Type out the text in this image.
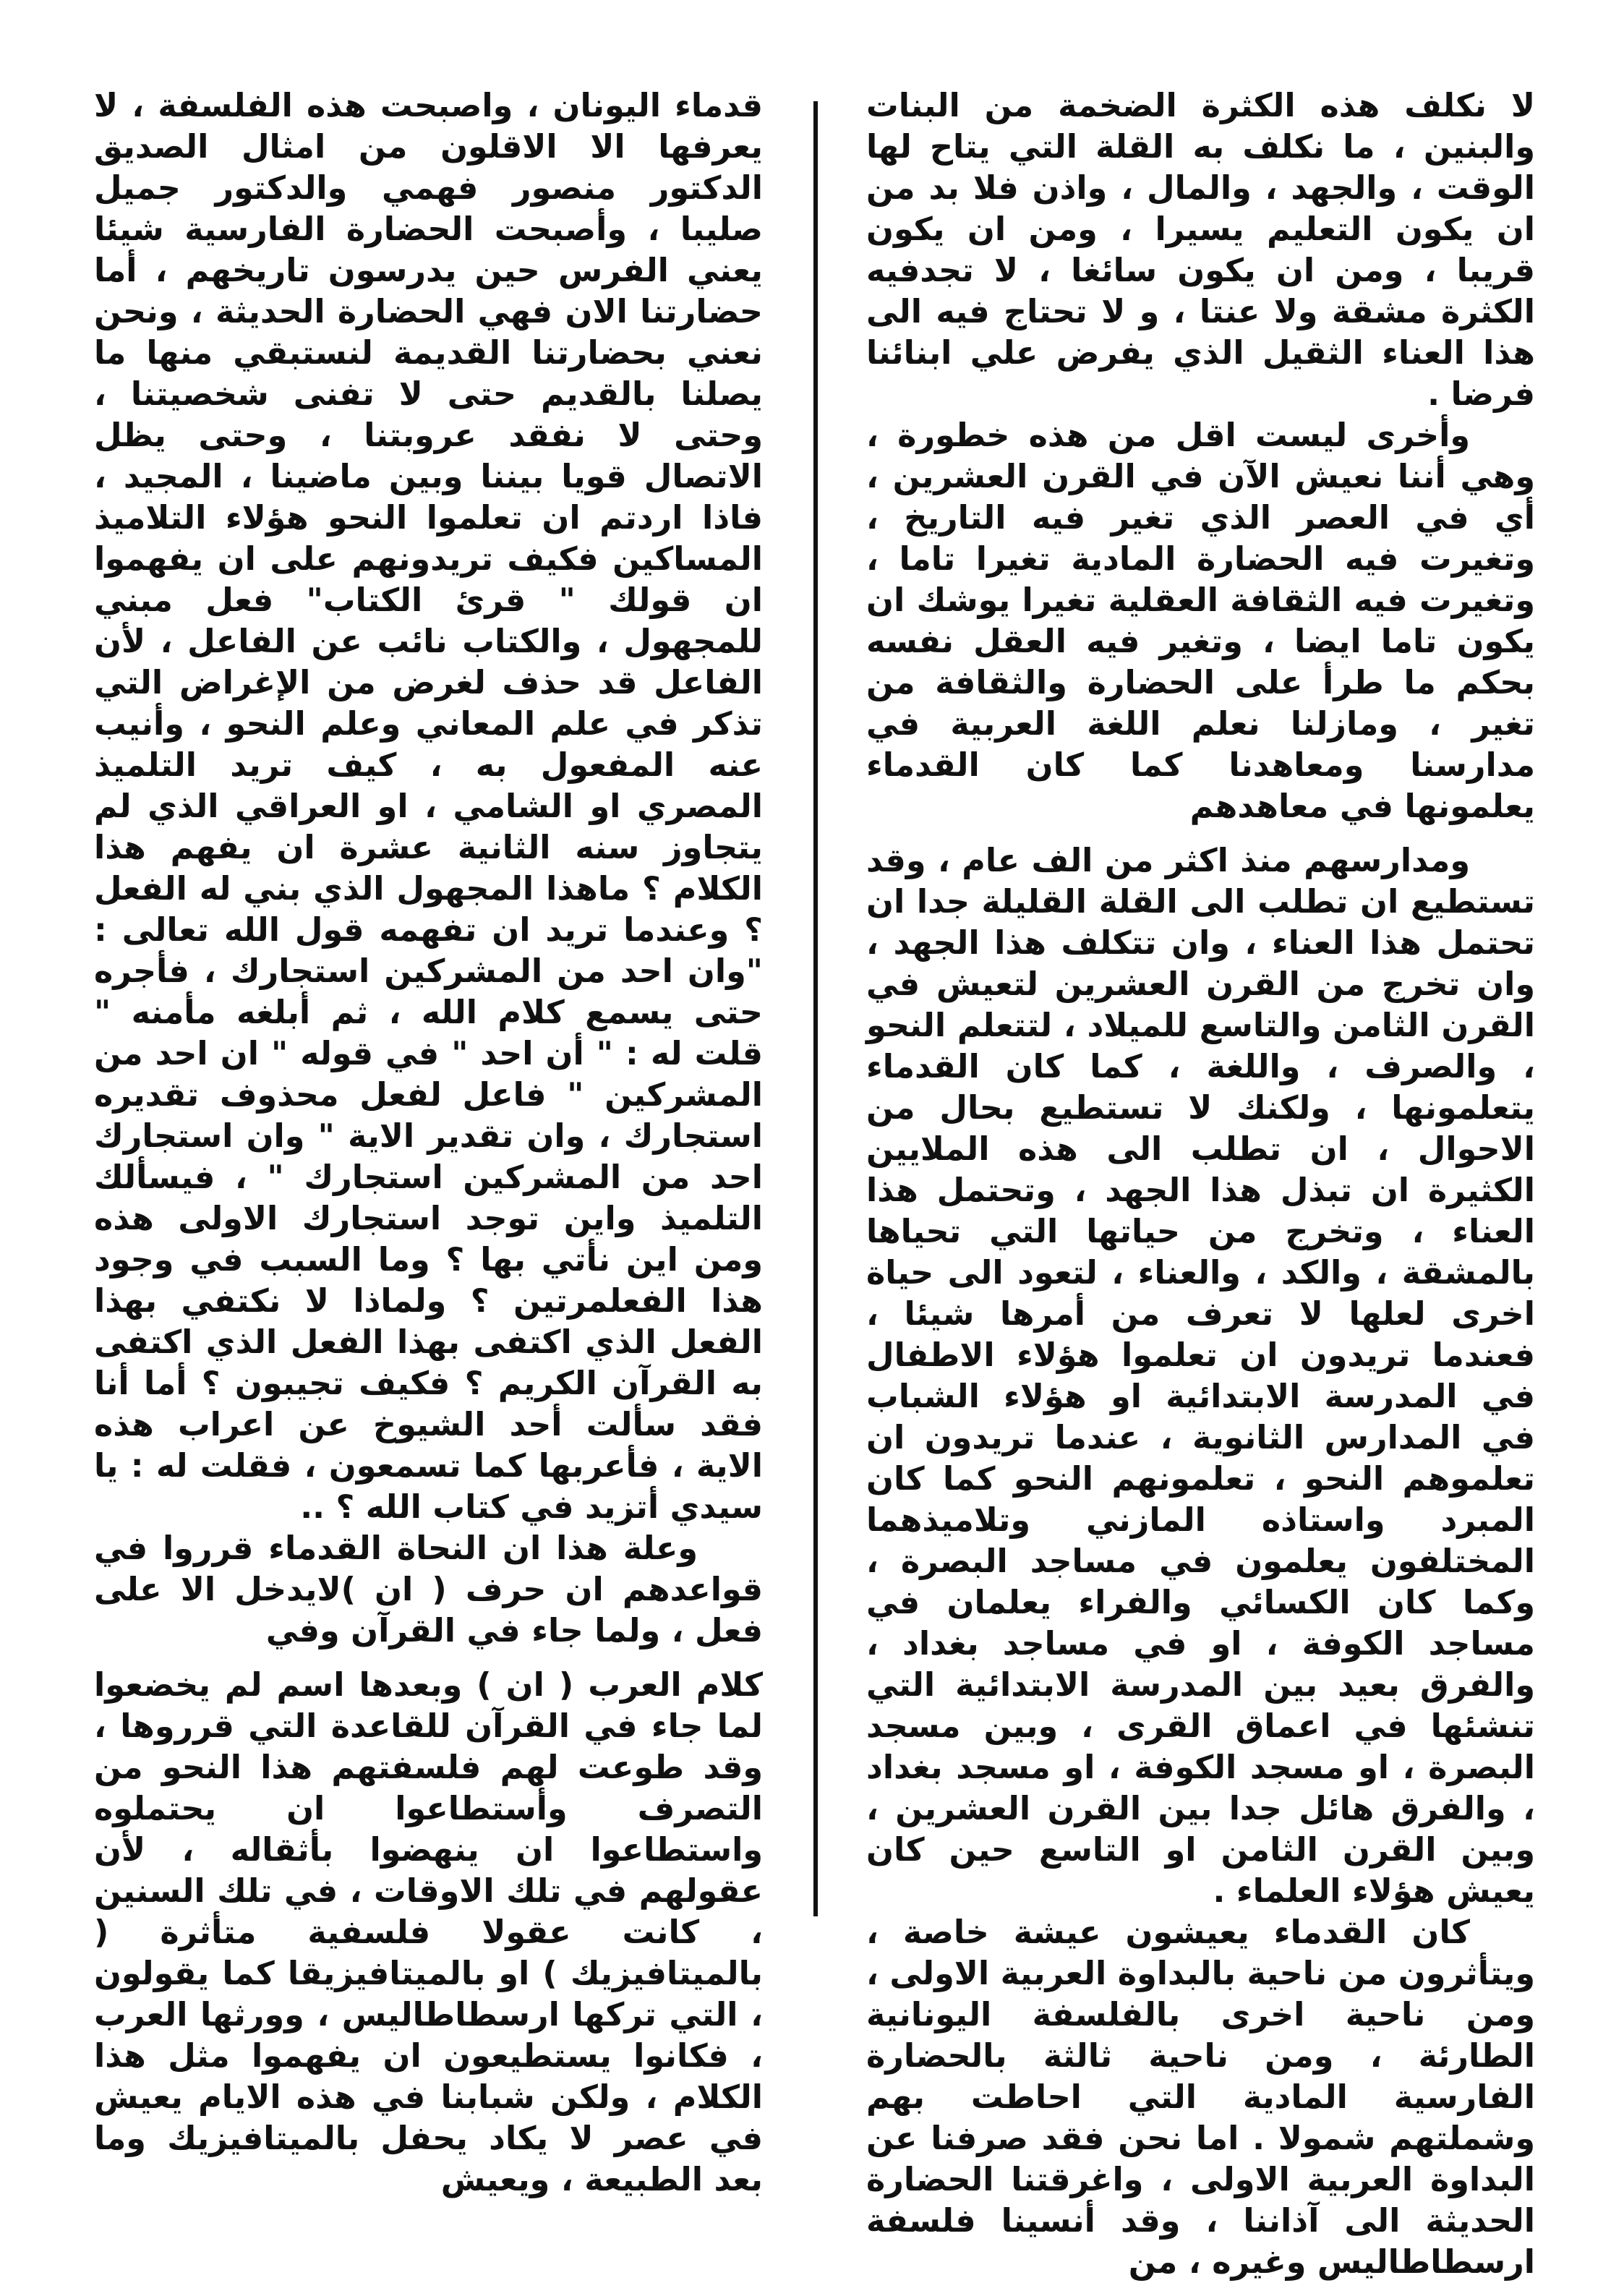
لا نكلف هذه الكثرة الضخمة من البنات والبنين ، ما نكلف به القلة التي يتاح لها الوقت ، والجهد ، والمال ، واذن فلا بد من ان يكون التعليم يسيرا ، ومن ان يكون قريبا ، ومن ان يكون سائغا ، لا تجدفيه الكثرة مشقة ولا عنتا ، و لا تحتاج فيه الى هذا العناء الثقيل الذي يفرض علي ابنائنا فرضا .

وأخرى ليست اقل من هذه خطورة ، وهي أننا نعيش الآن في القرن العشرين ، أي في العصر الذي تغير فيه التاريخ ، وتغيرت فيه الحضارة المادية تغيرا تاما ، وتغيرت فيه الثقافة العقلية تغيرا يوشك ان يكون تاما ايضا ، وتغير فيه العقل نفسه بحكم ما طرأ على الحضارة والثقافة من تغير ، ومازلنا نعلم اللغة العربية في مدارسنا ومعاهدنا كما كان القدماء يعلمونها في معاهدهم

ومدارسهم منذ اكثر من الف عام ، وقد تستطيع ان تطلب الى القلة القليلة جدا ان تحتمل هذا العناء ، وان تتكلف هذا الجهد ، وان تخرج من القرن العشرين لتعيش في القرن الثامن والتاسع للميلاد ، لتتعلم النحو ، والصرف ، واللغة ، كما كان القدماء يتعلمونها ، ولكنك لا تستطيع بحال من الاحوال ، ان تطلب الى هذه الملايين الكثيرة ان تبذل هذا الجهد ، وتحتمل هذا العناء ، وتخرج من حياتها التي تحياها بالمشقة ، والكد ، والعناء ، لتعود الى حياة اخرى لعلها لا تعرف من أمرها شيئا ، فعندما تريدون ان تعلموا هؤلاء الاطفال في المدرسة الابتدائية او هؤلاء الشباب في المدارس الثانوية ، عندما تريدون ان تعلموهم النحو ، تعلمونهم النحو كما كان المبرد واستاذه المازني وتلاميذهما المختلفون يعلمون في مساجد البصرة ، وكما كان الكسائي والفراء يعلمان في مساجد الكوفة ، او في مساجد بغداد ، والفرق بعيد بين المدرسة الابتدائية التي تنشئها في اعماق القرى ، وبين مسجد البصرة ، او مسجد الكوفة ، او مسجد بغداد ، والفرق هائل جدا بين القرن العشرين ، وبين القرن الثامن او التاسع حين كان يعيش هؤلاء العلماء .

كان القدماء يعيشون عيشة خاصة ، ويتأثرون من ناحية بالبداوة العربية الاولى ، ومن ناحية اخرى بالفلسفة اليونانية الطارئة ، ومن ناحية ثالثة بالحضارة الفارسية المادية التي احاطت بهم وشملتهم شمولا . اما نحن فقد صرفنا عن البداوة العربية الاولى ، واغرقتنا الحضارة الحديثة الى آذاننا ، وقد أنسينا فلسفة ارسطاطاليس وغيره ، من

قدماء اليونان ، واصبحت هذه الفلسفة ، لا يعرفها الا الاقلون من امثال الصديق الدكتور منصور فهمي والدكتور جميل صليبا ، وأصبحت الحضارة الفارسية شيئا يعني الفرس حين يدرسون تاريخهم ، أما حضارتنا الان فهي الحضارة الحديثة ، ونحن نعني بحضارتنا القديمة لنستبقي منها ما يصلنا بالقديم حتى لا تفنى شخصيتنا ، وحتى لا نفقد عروبتنا ، وحتى يظل الاتصال قويا بيننا وبين ماضينا ، المجيد ، فاذا اردتم ان تعلموا النحو هؤلاء التلاميذ المساكين فكيف تريدونهم على ان يفهموا ان قولك " قرئ الكتاب" فعل مبني للمجهول ، والكتاب نائب عن الفاعل ، لأن الفاعل قد حذف لغرض من الإغراض التي تذكر في علم المعاني وعلم النحو ، وأنيب عنه المفعول به ، كيف تريد التلميذ المصري او الشامي ، او العراقي الذي لم يتجاوز سنه الثانية عشرة ان يفهم هذا الكلام ؟ ماهذا المجهول الذي بني له الفعل ؟ وعندما تريد ان تفهمه قول الله تعالى : "وان احد من المشركين استجارك ، فأجره حتى يسمع كلام الله ، ثم أبلغه مأمنه " قلت له : " أن احد " في قوله " ان احد من المشركين " فاعل لفعل محذوف تقديره استجارك ، وان تقدير الاية " وان استجارك احد من المشركين استجارك " ، فيسألك التلميذ واين توجد استجارك الاولى هذه ومن اين نأتي بها ؟ وما السبب في وجود هذا الفعلمرتين ؟ ولماذا لا نكتفي بهذا الفعل الذي اكتفى بهذا الفعل الذي اكتفى به القرآن الكريم ؟ فكيف تجيبون ؟ أما أنا فقد سألت أحد الشيوخ عن اعراب هذه الاية ، فأعربها كما تسمعون ، فقلت له : يا سيدي أتزيد في كتاب الله ؟ ..

وعلة هذا ان النحاة القدماء قرروا في قواعدهم ان حرف ( ان )لايدخل الا على فعل ، ولما جاء في القرآن وفي

كلام العرب ( ان ) وبعدها اسم لم يخضعوا لما جاء في القرآن للقاعدة التي قرروها ، وقد طوعت لهم فلسفتهم هذا النحو من التصرف وأستطاعوا ان يحتملوه واستطاعوا ان ينهضوا بأثقاله ، لأن عقولهم في تلك الاوقات ، في تلك السنين ، كانت عقولا فلسفية متأثرة ( بالميتافيزيك ) او بالميتافيزيقا كما يقولون ، التي تركها ارسطاطاليس ، وورثها العرب ، فكانوا يستطيعون ان يفهموا مثل هذا الكلام ، ولكن شبابنا في هذه الايام يعيش في عصر لا يكاد يحفل بالميتافيزيك وما بعد الطبيعة ، ويعيش
